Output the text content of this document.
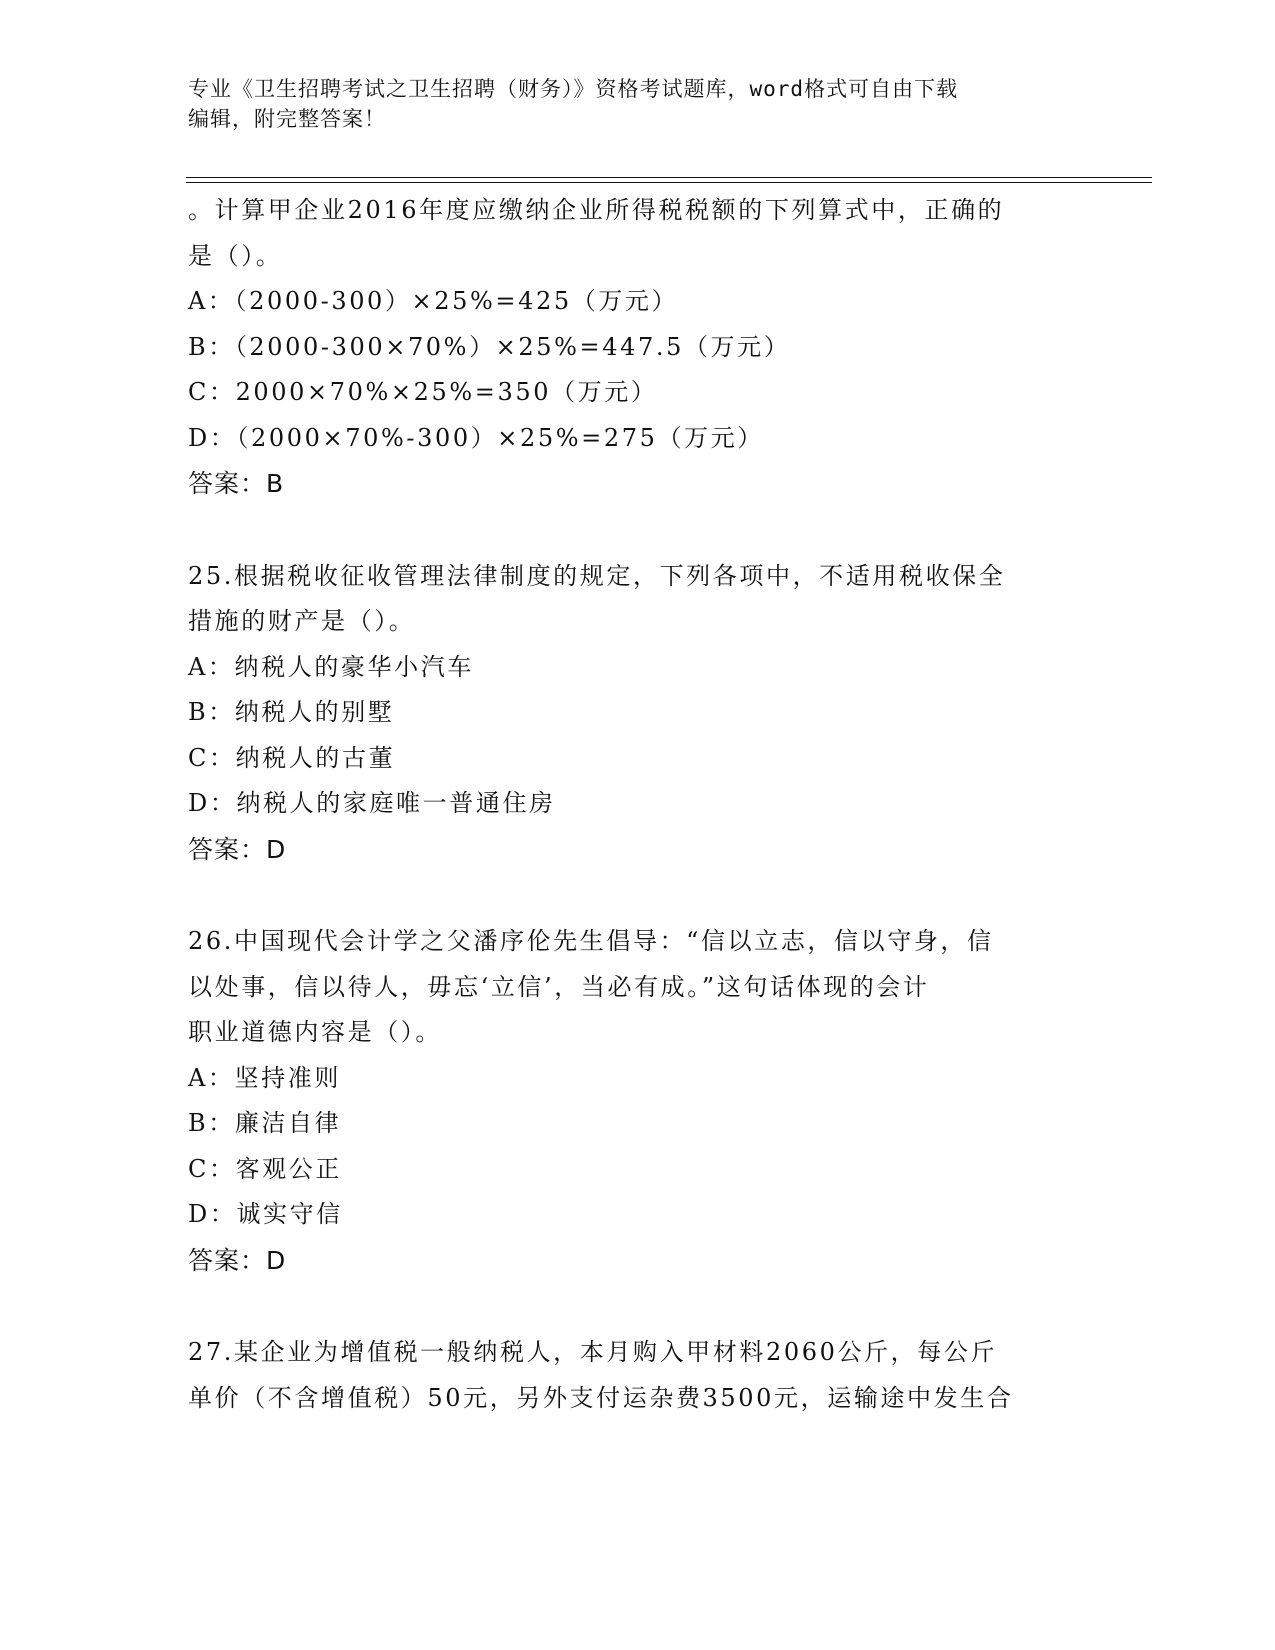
专业《卫生招聘考试之卫生招聘（财务）》资格考试题库，word格式可自由下载
编辑，附完整答案！
。计算甲企业2016年度应缴纳企业所得税税额的下列算式中，正确的
是（）。
A：（2000-300）×25%=425（万元）
B：（2000-300×70%）×25%=447.5（万元）
C：2000×70%×25%=350（万元）
D：（2000×70%-300）×25%=275（万元）
答案：B
25.根据税收征收管理法律制度的规定，下列各项中，不适用税收保全
措施的财产是（）。
A：纳税人的豪华小汽车
B：纳税人的别墅
C：纳税人的古董
D：纳税人的家庭唯一普通住房
答案：D
26.中国现代会计学之父潘序伦先生倡导：“信以立志，信以守身，信
以处事，信以待人，毋忘‘立信’，当必有成。”这句话体现的会计
职业道德内容是（）。
A：坚持准则
B：廉洁自律
C：客观公正
D：诚实守信
答案：D
27.某企业为增值税一般纳税人，本月购入甲材料2060公斤，每公斤
单价（不含增值税）50元，另外支付运杂费3500元，运输途中发生合
